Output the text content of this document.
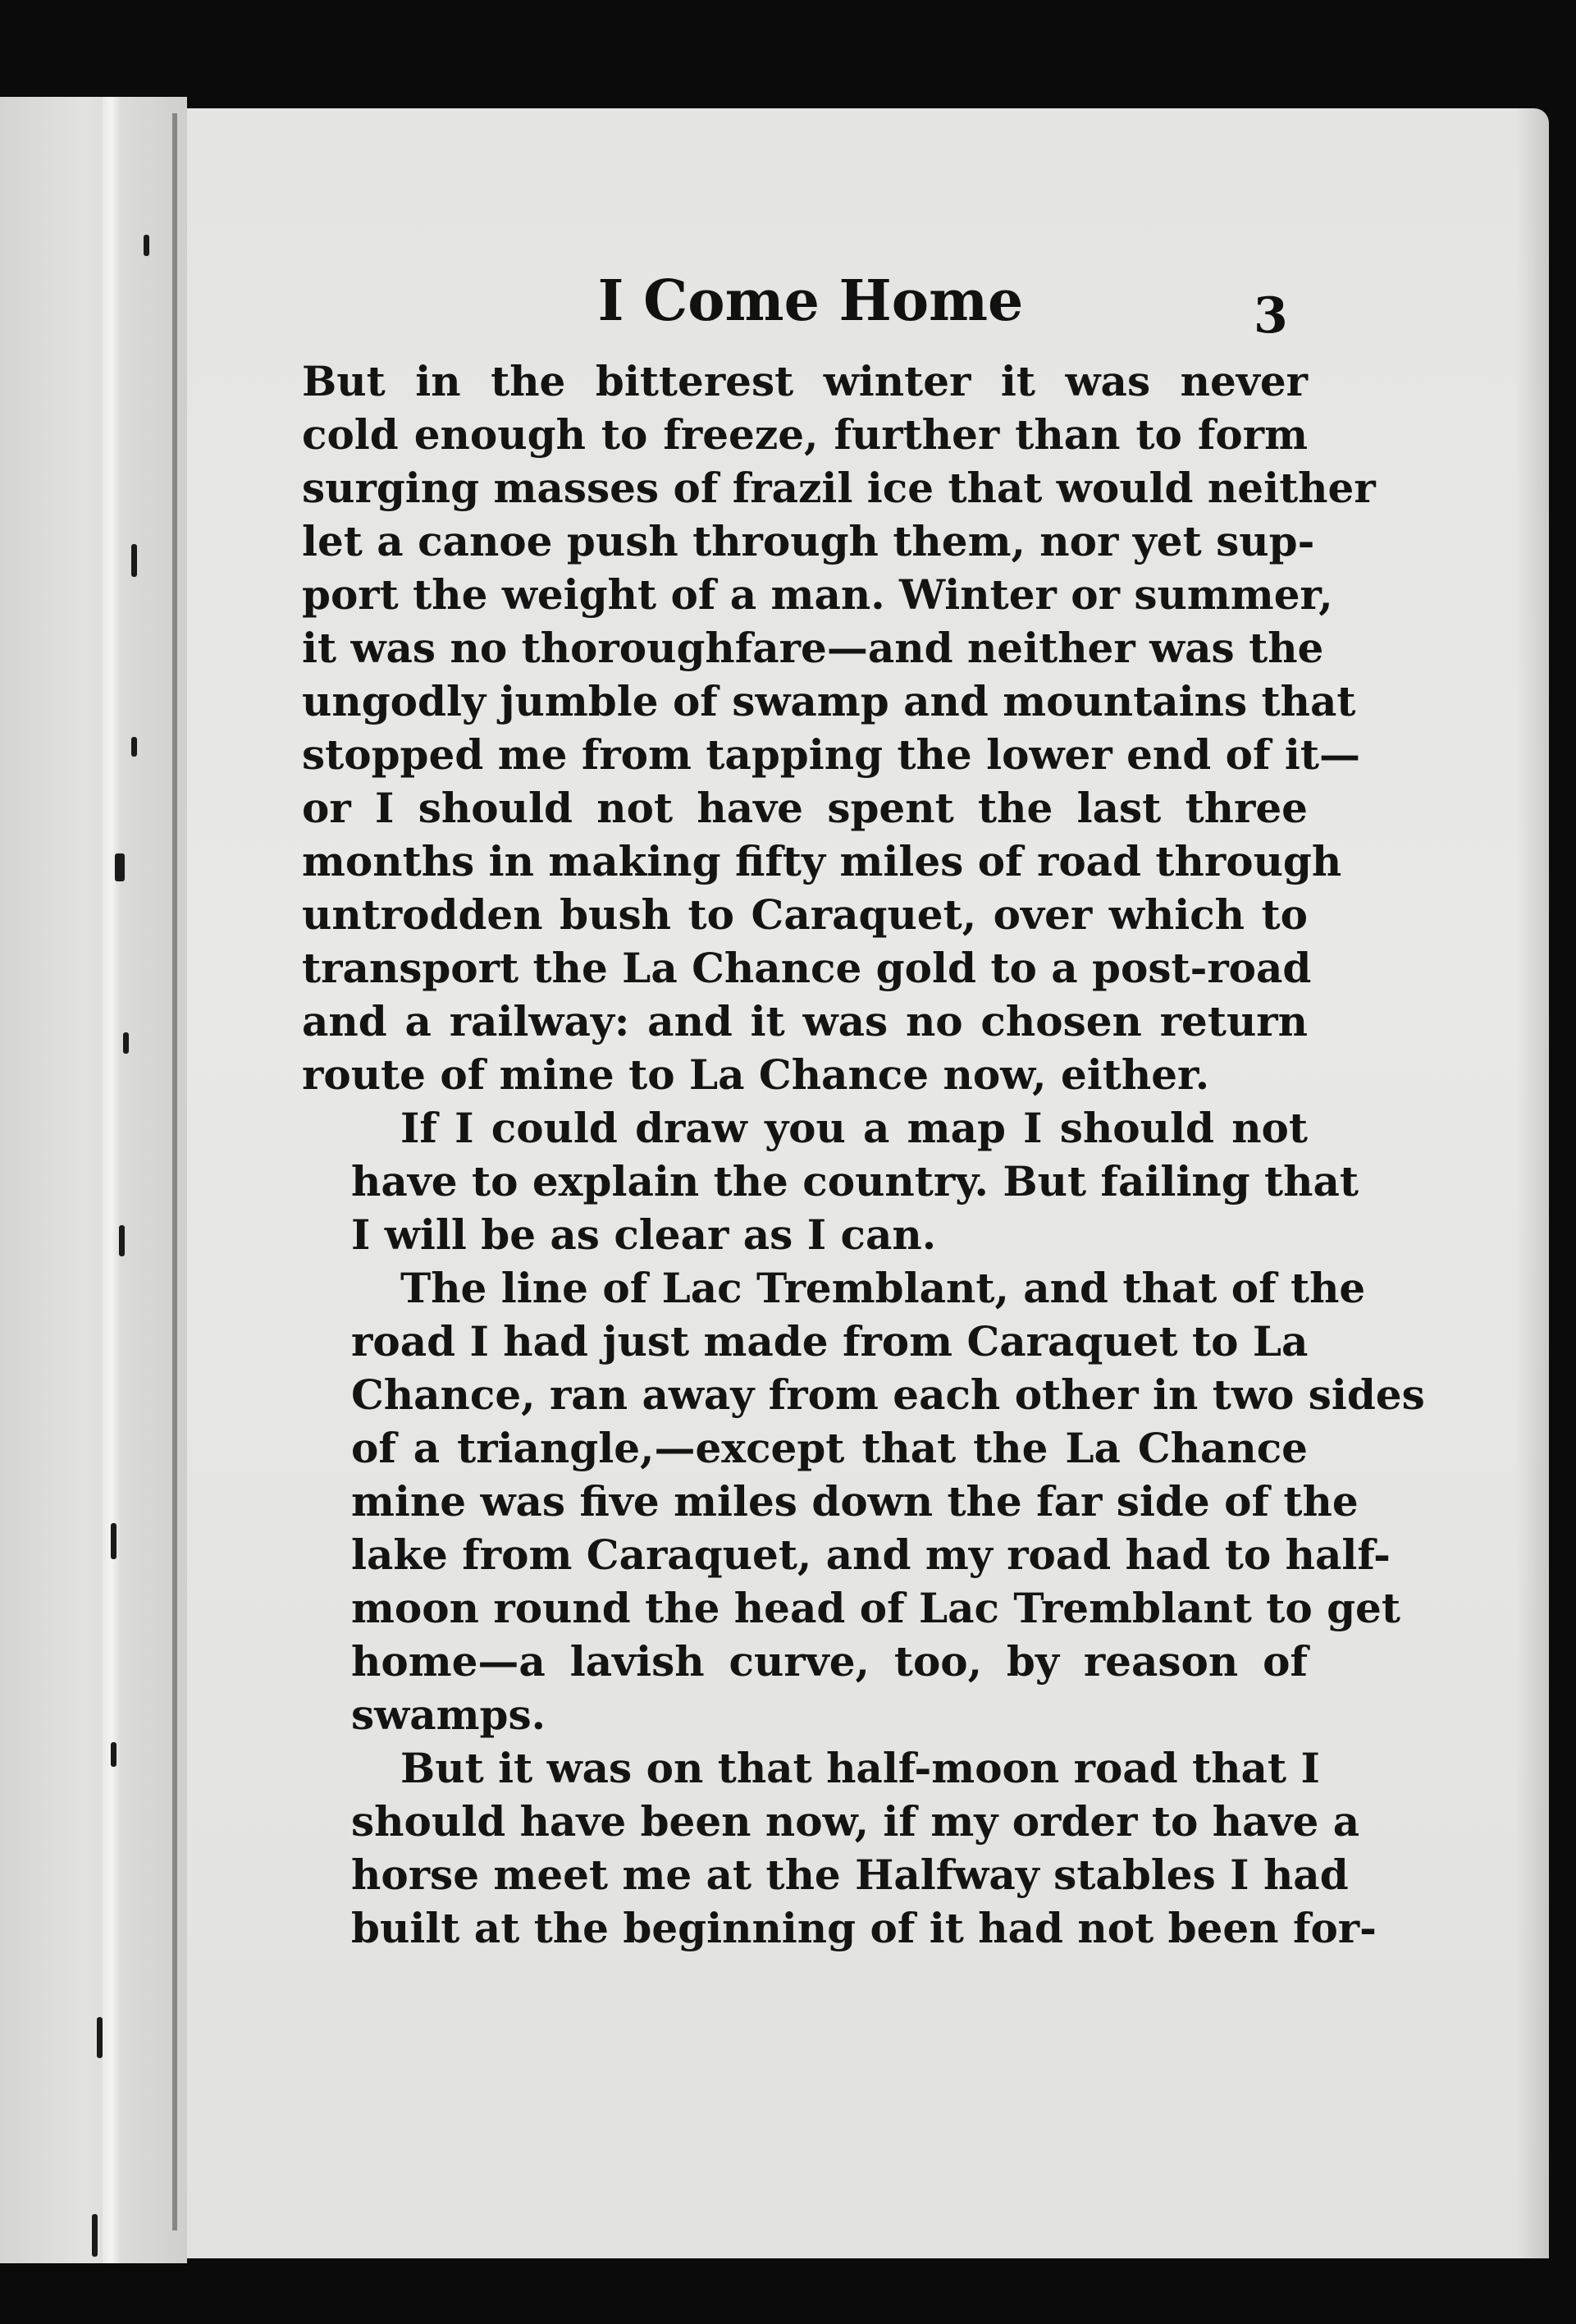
I Come Home	3

But in the bitterest winter it was never
cold enough to freeze, further than to form
surging masses of frazil ice that would neither
let a canoe push through them, nor yet sup-
port the weight of a man. Winter or summer,
it was no thoroughfare—and neither was the
ungodly jumble of swamp and mountains that
stopped me from tapping the lower end of it—
or I should not have spent the last three
months in making fifty miles of road through
untrodden bush to Caraquet, over which to
transport the La Chance gold to a post-road
and a railway: and it was no chosen return
route of mine to La Chance now, either.

If I could draw you a map I should not
have to explain the country. But failing that
I will be as clear as I can.

The line of Lac Tremblant, and that of the
road I had just made from Caraquet to La
Chance, ran away from each other in two sides
of a triangle,—except that the La Chance
mine was five miles down the far side of the
lake from Caraquet, and my road had to half-
moon round the head of Lac Tremblant to get
home—a lavish curve, too, by reason of
swamps.

But it was on that half-moon road that I
should have been now, if my order to have a
horse meet me at the Halfway stables I had
built at the beginning of it had not been for-
